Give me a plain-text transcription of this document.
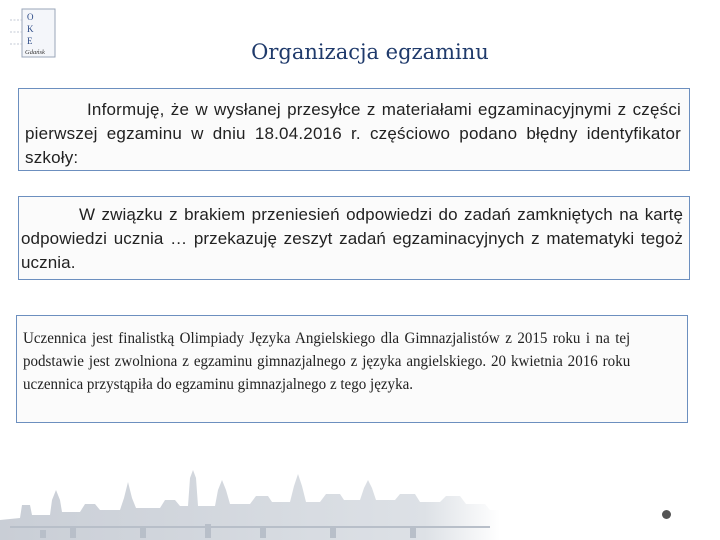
O
K
E
Gdańsk	Organizacja egzaminu
Informuję, że w wysłanej przesyłce z materiałami egzaminacyjnymi z części pierwszej egzaminu w dniu 18.04.2016 r. częściowo podano błędny identyfikator szkoły:
W związku z brakiem przeniesień odpowiedzi do zadań zamkniętych na kartę odpowiedzi ucznia … przekazuję zeszyt zadań egzaminacyjnych z matematyki tegoż ucznia.
Uczennica jest finalistką Olimpiady Języka Angielskiego dla Gimnazjalistów z 2015 roku i na tej podstawie jest zwolniona z egzaminu gimnazjalnego z języka angielskiego. 20 kwietnia 2016 roku uczennica przystąpiła do egzaminu gimnazjalnego z tego języka.
